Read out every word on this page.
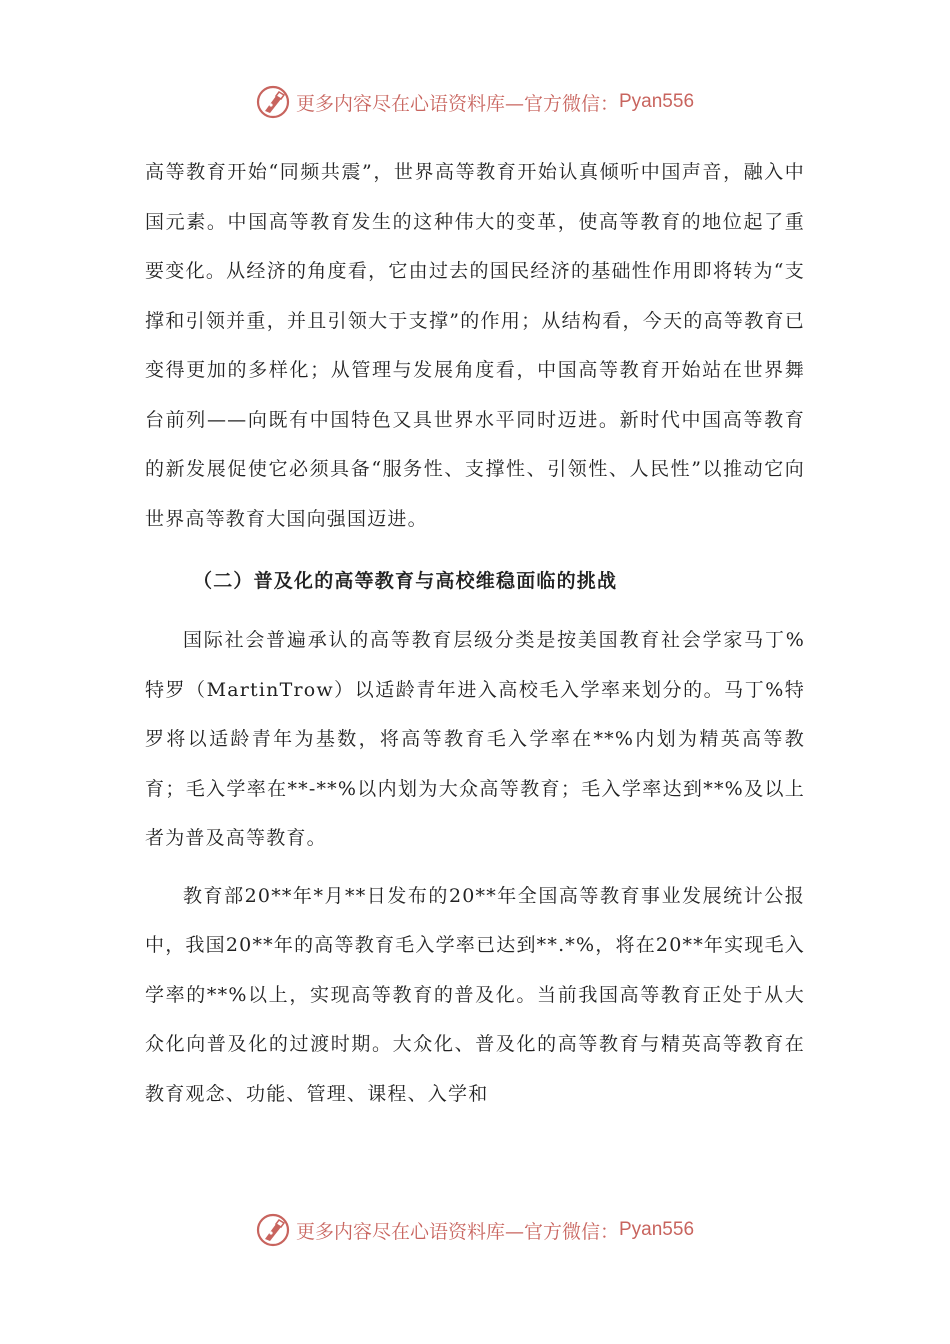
更多内容尽在心语资料库—官方微信： Pyan556

高等教育开始“同频共震”，世界高等教育开始认真倾听中国声音，融入中国元素。中国高等教育发生的这种伟大的变革，使高等教育的地位起了重要变化。从经济的角度看，它由过去的国民经济的基础性作用即将转为“支撑和引领并重，并且引领大于支撑”的作用；从结构看，今天的高等教育已变得更加的多样化；从管理与发展角度看，中国高等教育开始站在世界舞台前列——向既有中国特色又具世界水平同时迈进。新时代中国高等教育的新发展促使它必须具备“服务性、支撑性、引领性、人民性”以推动它向世界高等教育大国向强国迈进。

（二）普及化的高等教育与高校维稳面临的挑战

国际社会普遍承认的高等教育层级分类是按美国教育社会学家马丁%特罗（MartinTrow）以适龄青年进入高校毛入学率来划分的。马丁%特罗将以适龄青年为基数，将高等教育毛入学率在**%内划为精英高等教育；毛入学率在**-**%以内划为大众高等教育；毛入学率达到**%及以上者为普及高等教育。

教育部20**年*月**日发布的20**年全国高等教育事业发展统计公报中，我国20**年的高等教育毛入学率已达到**.*%，将在20**年实现毛入学率的**%以上，实现高等教育的普及化。当前我国高等教育正处于从大众化向普及化的过渡时期。大众化、普及化的高等教育与精英高等教育在教育观念、功能、管理、课程、入学和

更多内容尽在心语资料库—官方微信： Pyan556
